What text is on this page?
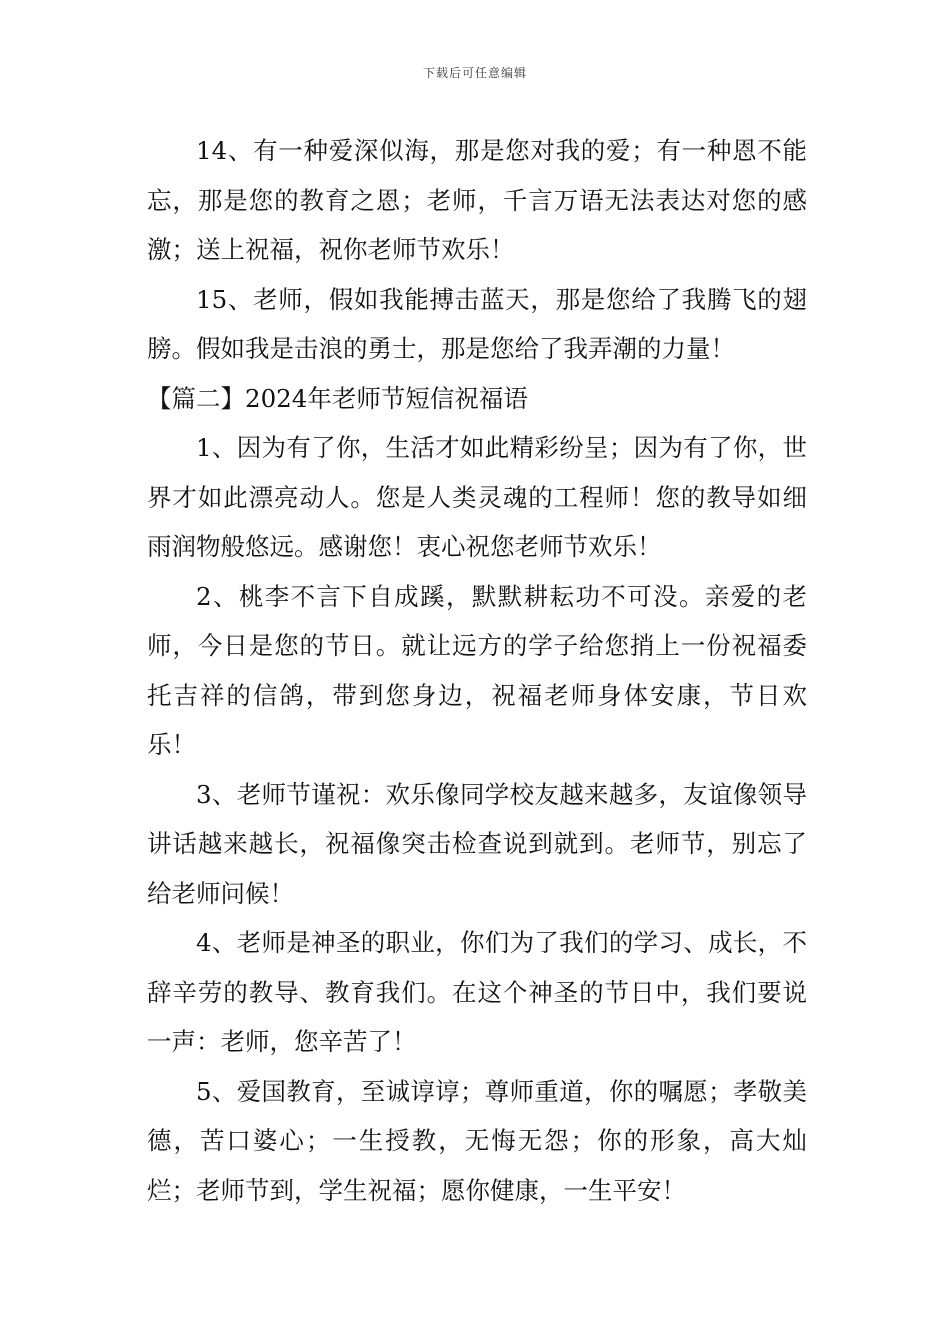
下载后可任意编辑

14、有一种爱深似海，那是您对我的爱；有一种恩不能忘，那是您的教育之恩；老师，千言万语无法表达对您的感激；送上祝福，祝你老师节欢乐！

15、老师，假如我能搏击蓝天，那是您给了我腾飞的翅膀。假如我是击浪的勇士，那是您给了我弄潮的力量！

【篇二】2024年老师节短信祝福语

1、因为有了你，生活才如此精彩纷呈；因为有了你，世界才如此漂亮动人。您是人类灵魂的工程师！您的教导如细雨润物般悠远。感谢您！衷心祝您老师节欢乐！

2、桃李不言下自成蹊，默默耕耘功不可没。亲爱的老师，今日是您的节日。就让远方的学子给您捎上一份祝福委托吉祥的信鸽，带到您身边，祝福老师身体安康，节日欢乐！

3、老师节谨祝：欢乐像同学校友越来越多，友谊像领导讲话越来越长，祝福像突击检查说到就到。老师节，别忘了给老师问候！

4、老师是神圣的职业，你们为了我们的学习、成长，不辞辛劳的教导、教育我们。在这个神圣的节日中，我们要说一声：老师，您辛苦了！

5、爱国教育，至诚谆谆；尊师重道，你的嘱愿；孝敬美德，苦口婆心；一生授教，无悔无怨；你的形象，高大灿烂；老师节到，学生祝福；愿你健康，一生平安！
